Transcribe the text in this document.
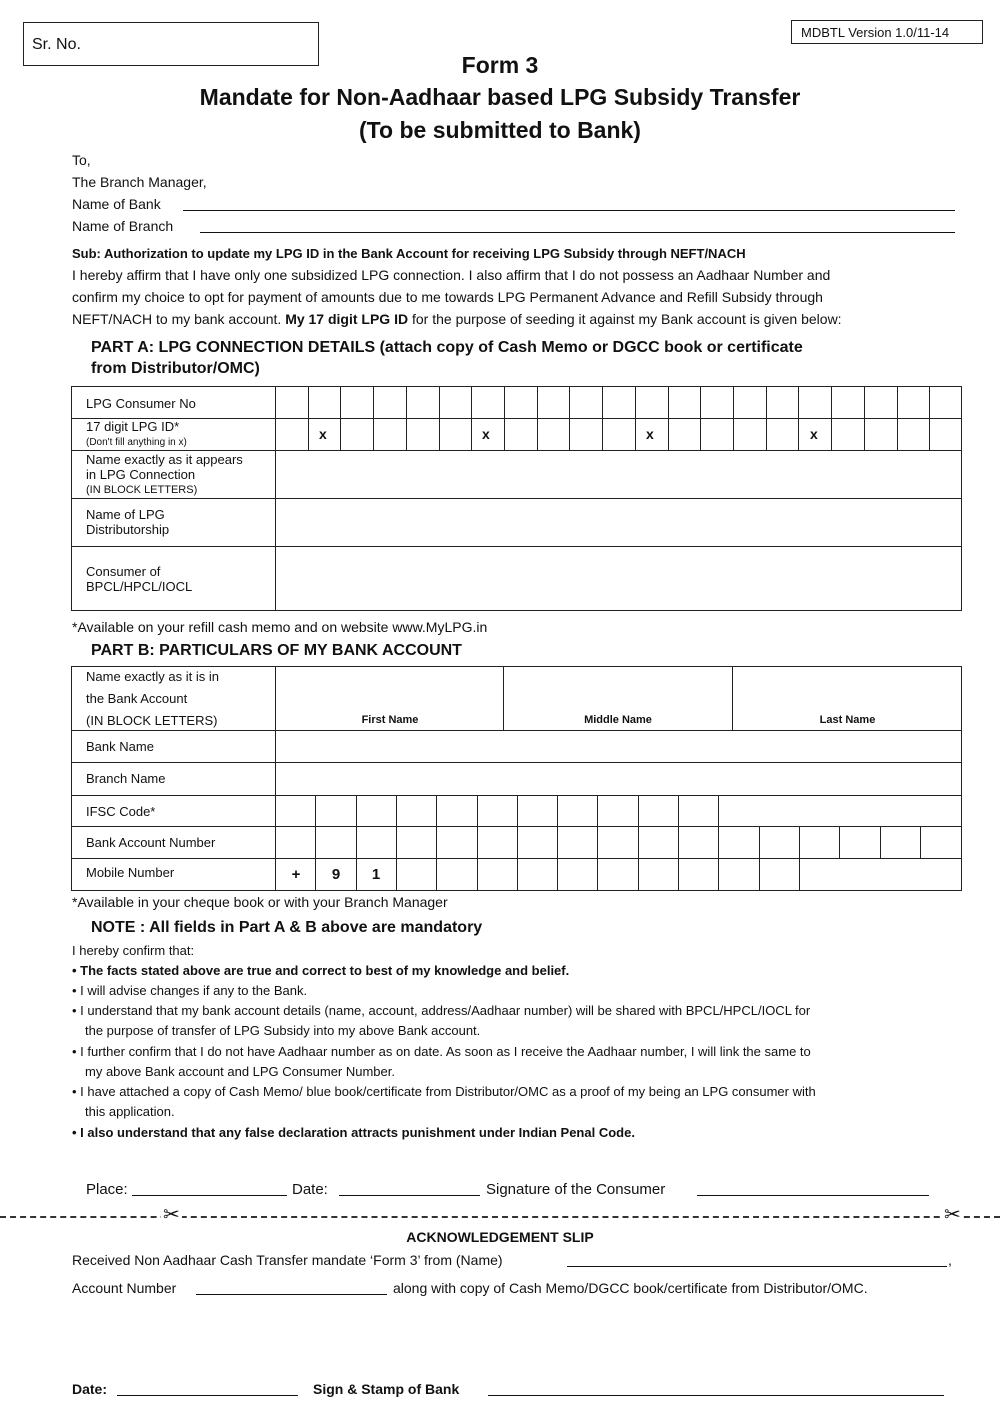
Sr. No.
MDBTL Version 1.0/11-14
Form 3
Mandate for Non-Aadhaar based LPG Subsidy Transfer
(To be submitted to Bank)
To,
The Branch Manager,
Name of Bank
Name of Branch
Sub: Authorization to update my LPG ID in the Bank Account for receiving LPG Subsidy through NEFT/NACH
I hereby affirm that I have only one subsidized LPG connection. I also affirm that I do not possess an Aadhaar Number and
confirm my choice to opt for payment of amounts due to me towards LPG Permanent Advance and Refill Subsidy through
NEFT/NACH to my bank account. My 17 digit LPG ID for the purpose of seeding it against my Bank account is given below:
PART A: LPG CONNECTION DETAILS (attach copy of Cash Memo or DGCC book or certificate
from Distributor/OMC)
LPG Consumer No
17 digit LPG ID*
(Don't fill anything in x)
x	x	x	x
Name exactly as it appears
in LPG Connection
(IN BLOCK LETTERS)
Name of LPG
Distributorship
Consumer of
BPCL/HPCL/IOCL
*Available on your refill cash memo and on website www.MyLPG.in
PART B: PARTICULARS OF MY BANK ACCOUNT
Name exactly as it is in
the Bank Account
(IN BLOCK LETTERS)	First Name	Middle Name	Last Name
Bank Name
Branch Name
IFSC Code*
Bank Account Number
Mobile Number	+	9	1
*Available in your cheque book or with your Branch Manager
NOTE : All fields in Part A & B above are mandatory
I hereby confirm that:
• The facts stated above are true and correct to best of my knowledge and belief.
• I will advise changes if any to the Bank.
• I understand that my bank account details (name, account, address/Aadhaar number) will be shared with BPCL/HPCL/IOCL for
the purpose of transfer of LPG Subsidy into my above Bank account.
• I further confirm that I do not have Aadhaar number as on date. As soon as I receive the Aadhaar number, I will link the same to
my above Bank account and LPG Consumer Number.
• I have attached a copy of Cash Memo/ blue book/certificate from Distributor/OMC as a proof of my being an LPG consumer with
this application.
• I also understand that any false declaration attracts punishment under Indian Penal Code.
Place:	Date:	Signature of the Consumer
✂	✂
ACKNOWLEDGEMENT SLIP
Received Non Aadhaar Cash Transfer mandate ‘Form 3’ from (Name)	,
Account Number	along with copy of Cash Memo/DGCC book/certificate from Distributor/OMC.
Date:	Sign & Stamp of Bank
